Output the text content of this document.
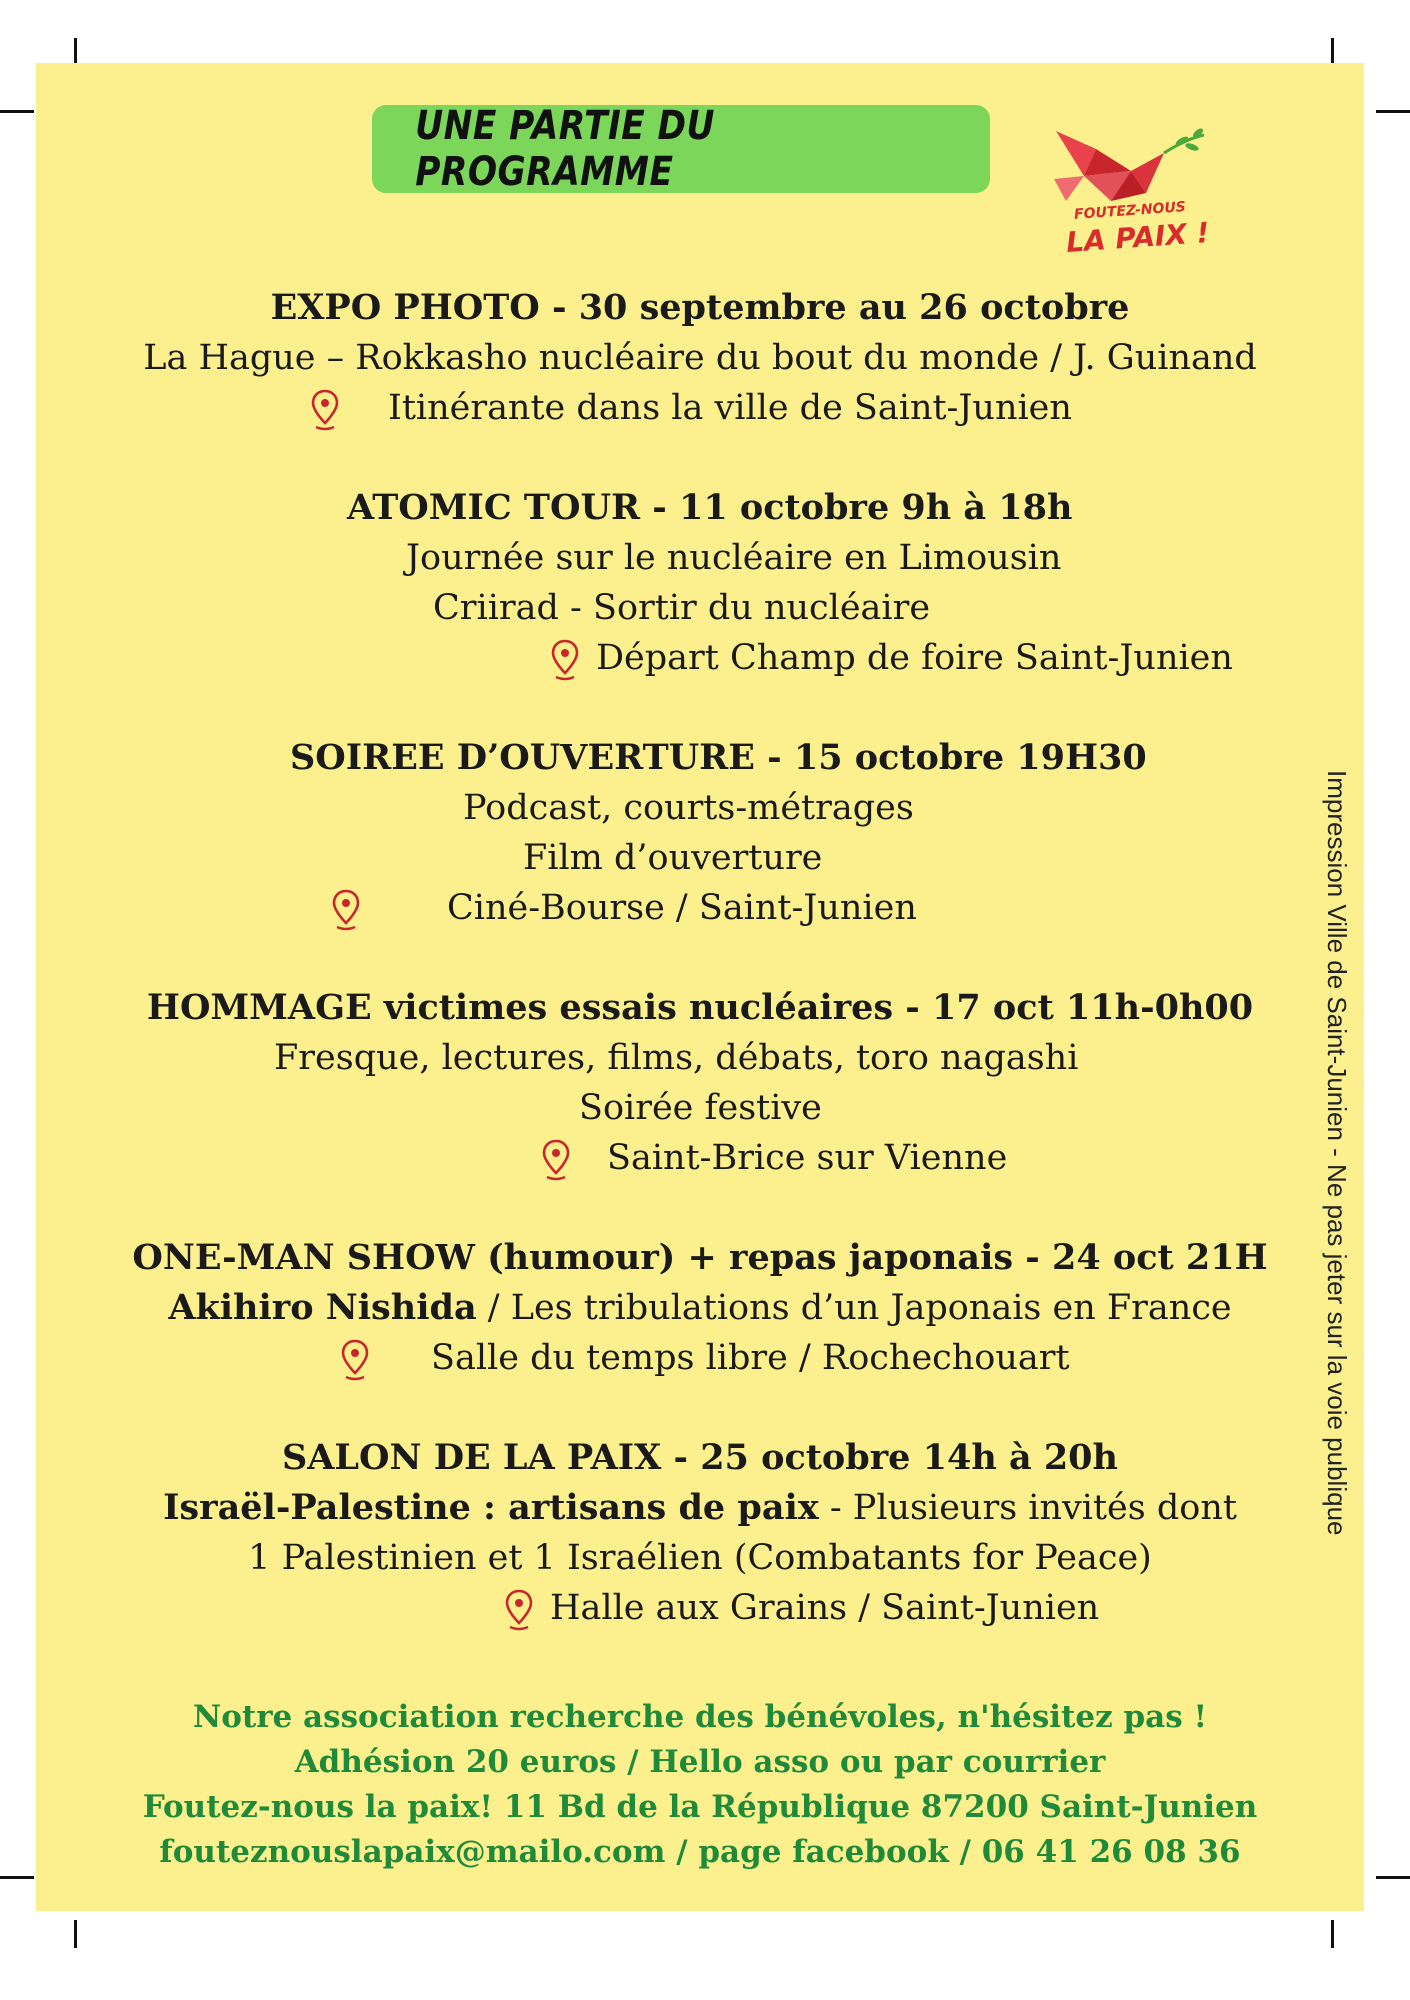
UNE PARTIE DU PROGRAMME
FOUTEZ-NOUS
LA PAIX !
EXPO PHOTO - 30 septembre au 26 octobre
La Hague – Rokkasho nucléaire du bout du monde / J. Guinand
Itinérante dans la ville de Saint-Junien
ATOMIC TOUR - 11 octobre 9h à 18h
Journée sur le nucléaire en Limousin
Criirad - Sortir du nucléaire
Départ Champ de foire Saint-Junien
SOIREE D’OUVERTURE - 15 octobre 19H30
Podcast, courts-métrages
Film d’ouverture
Ciné-Bourse / Saint-Junien
HOMMAGE victimes essais nucléaires - 17 oct 11h-0h00
Fresque, lectures, films, débats, toro nagashi
Soirée festive
Saint-Brice sur Vienne
ONE-MAN SHOW (humour) + repas japonais - 24 oct 21H
Akihiro Nishida / Les tribulations d’un Japonais en France
Salle du temps libre / Rochechouart
SALON DE LA PAIX - 25 octobre 14h à 20h
Israël-Palestine : artisans de paix - Plusieurs invités dont
1 Palestinien et 1 Israélien (Combatants for Peace)
Halle aux Grains / Saint-Junien
Notre association recherche des bénévoles, n'hésitez pas !
Adhésion 20 euros / Hello asso ou par courrier
Foutez-nous la paix! 11 Bd de la République 87200 Saint-Junien
fouteznouslapaix@mailo.com / page facebook / 06 41 26 08 36
Impression Ville de Saint-Junien - Ne pas jeter sur la voie publique
